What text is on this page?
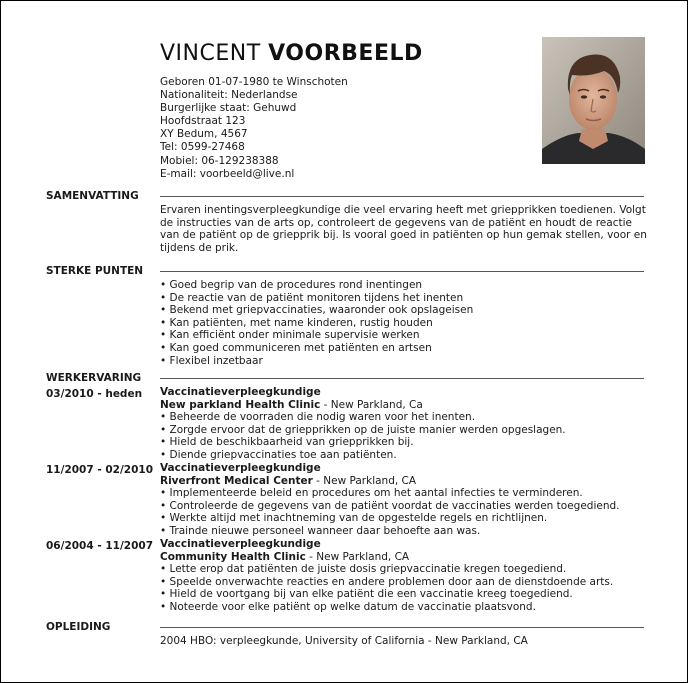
VINCENT VOORBEELD
Geboren 01-07-1980 te Winschoten
Nationaliteit: Nederlandse
Burgerlijke staat: Gehuwd
Hoofdstraat 123
XY Bedum, 4567
Tel: 0599-27468
Mobiel: 06-129238388
E-mail: voorbeeld@live.nl
SAMENVATTING
Ervaren inentingsverpleegkundige die veel ervaring heeft met griepprikken toedienen. Volgt de instructies van de arts op, controleert de gegevens van de patiënt en houdt de reactie van de patiënt op de griepprik bij. Is vooral goed in patiënten op hun gemak stellen, voor en tijdens de prik.
STERKE PUNTEN
• Goed begrip van de procedures rond inentingen
• De reactie van de patiënt monitoren tijdens het inenten
• Bekend met griepvaccinaties, waaronder ook opslageisen
• Kan patiënten, met name kinderen, rustig houden
• Kan efficiënt onder minimale supervisie werken
• Kan goed communiceren met patiënten en artsen
• Flexibel inzetbaar
WERKERVARING
03/2010 - heden Vaccinatieverpleegkundige
New parkland Health Clinic - New Parkland, Ca
• Beheerde de voorraden die nodig waren voor het inenten.
• Zorgde ervoor dat de griepprikken op de juiste manier werden opgeslagen.
• Hield de beschikbaarheid van griepprikken bij.
• Diende griepvaccinaties toe aan patiënten.
11/2007 - 02/2010 Vaccinatieverpleegkundige
Riverfront Medical Center - New Parkland, CA
• Implementeerde beleid en procedures om het aantal infecties te verminderen.
• Controleerde de gegevens van de patiënt voordat de vaccinaties werden toegediend.
• Werkte altijd met inachtneming van de opgestelde regels en richtlijnen.
• Trainde nieuwe personeel wanneer daar behoefte aan was.
06/2004 - 11/2007 Vaccinatieverpleegkundige
Community Health Clinic - New Parkland, CA
• Lette erop dat patiënten de juiste dosis griepvaccinatie kregen toegediend.
• Speelde onverwachte reacties en andere problemen door aan de dienstdoende arts.
• Hield de voortgang bij van elke patiënt die een vaccinatie kreeg toegediend.
• Noteerde voor elke patiënt op welke datum de vaccinatie plaatsvond.
OPLEIDING
2004 HBO: verpleegkunde, University of California - New Parkland, CA
